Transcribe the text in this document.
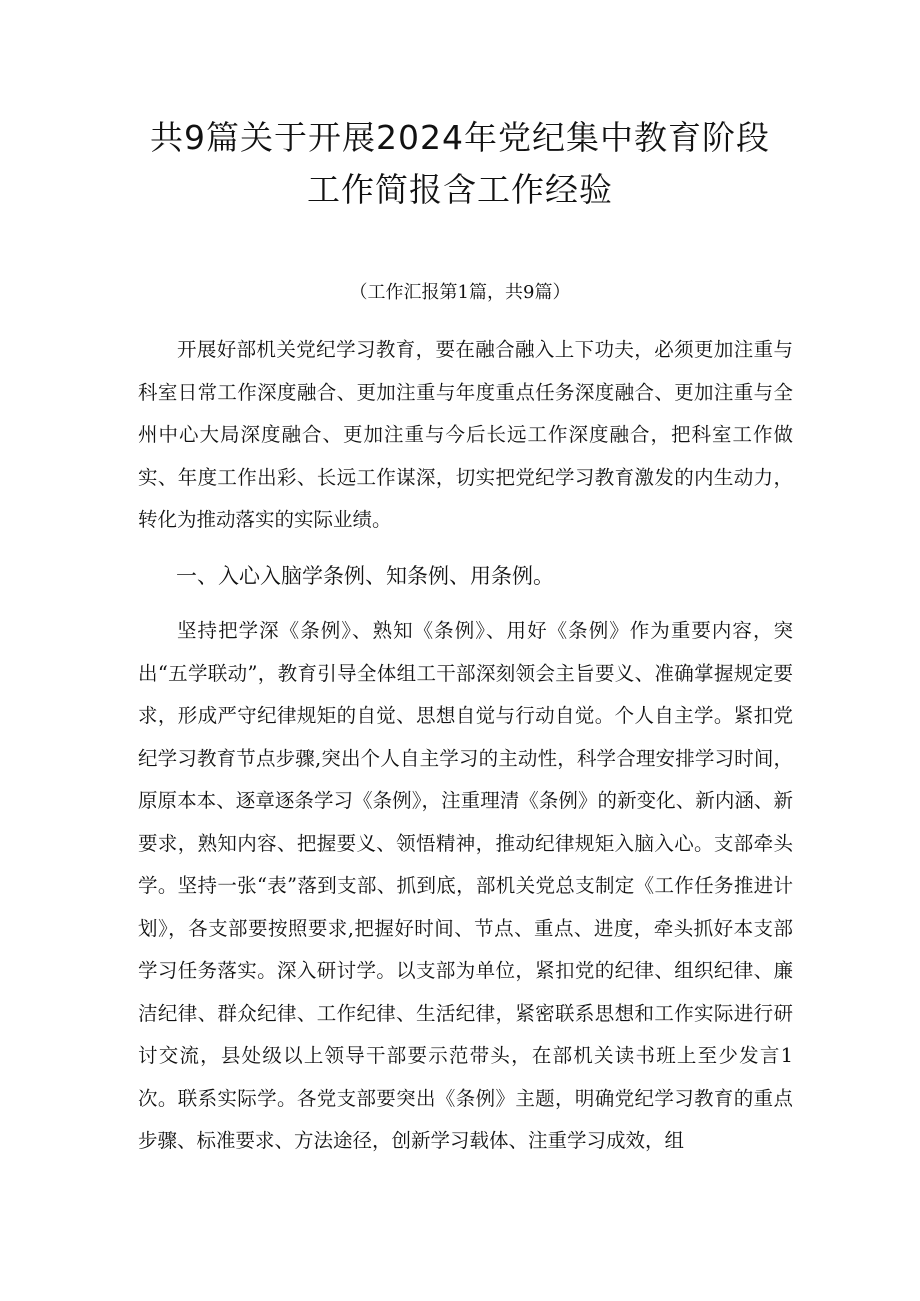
共9篇关于开展2024年党纪集中教育阶段
工作简报含工作经验
（工作汇报第1篇，共9篇）

开展好部机关党纪学习教育，要在融合融入上下功夫，必须更加注重与科室日常工作深度融合、更加注重与年度重点任务深度融合、更加注重与全州中心大局深度融合、更加注重与今后长远工作深度融合，把科室工作做实、年度工作出彩、长远工作谋深，切实把党纪学习教育激发的内生动力，转化为推动落实的实际业绩。

一、入心入脑学条例、知条例、用条例。

坚持把学深《条例》、熟知《条例》、用好《条例》作为重要内容，突出“五学联动”，教育引导全体组工干部深刻领会主旨要义、准确掌握规定要求，形成严守纪律规矩的自觉、思想自觉与行动自觉。个人自主学。紧扣党纪学习教育节点步骤,突出个人自主学习的主动性，科学合理安排学习时间，原原本本、逐章逐条学习《条例》，注重理清《条例》的新变化、新内涵、新要求，熟知内容、把握要义、领悟精神，推动纪律规矩入脑入心。支部牵头学。坚持一张“表”落到支部、抓到底，部机关党总支制定《工作任务推进计划》，各支部要按照要求,把握好时间、节点、重点、进度，牵头抓好本支部学习任务落实。深入研讨学。以支部为单位，紧扣党的纪律、组织纪律、廉洁纪律、群众纪律、工作纪律、生活纪律，紧密联系思想和工作实际进行研讨交流，县处级以上领导干部要示范带头，在部机关读书班上至少发言1次。联系实际学。各党支部要突出《条例》主题，明确党纪学习教育的重点步骤、标准要求、方法途径，创新学习载体、注重学习成效，组
